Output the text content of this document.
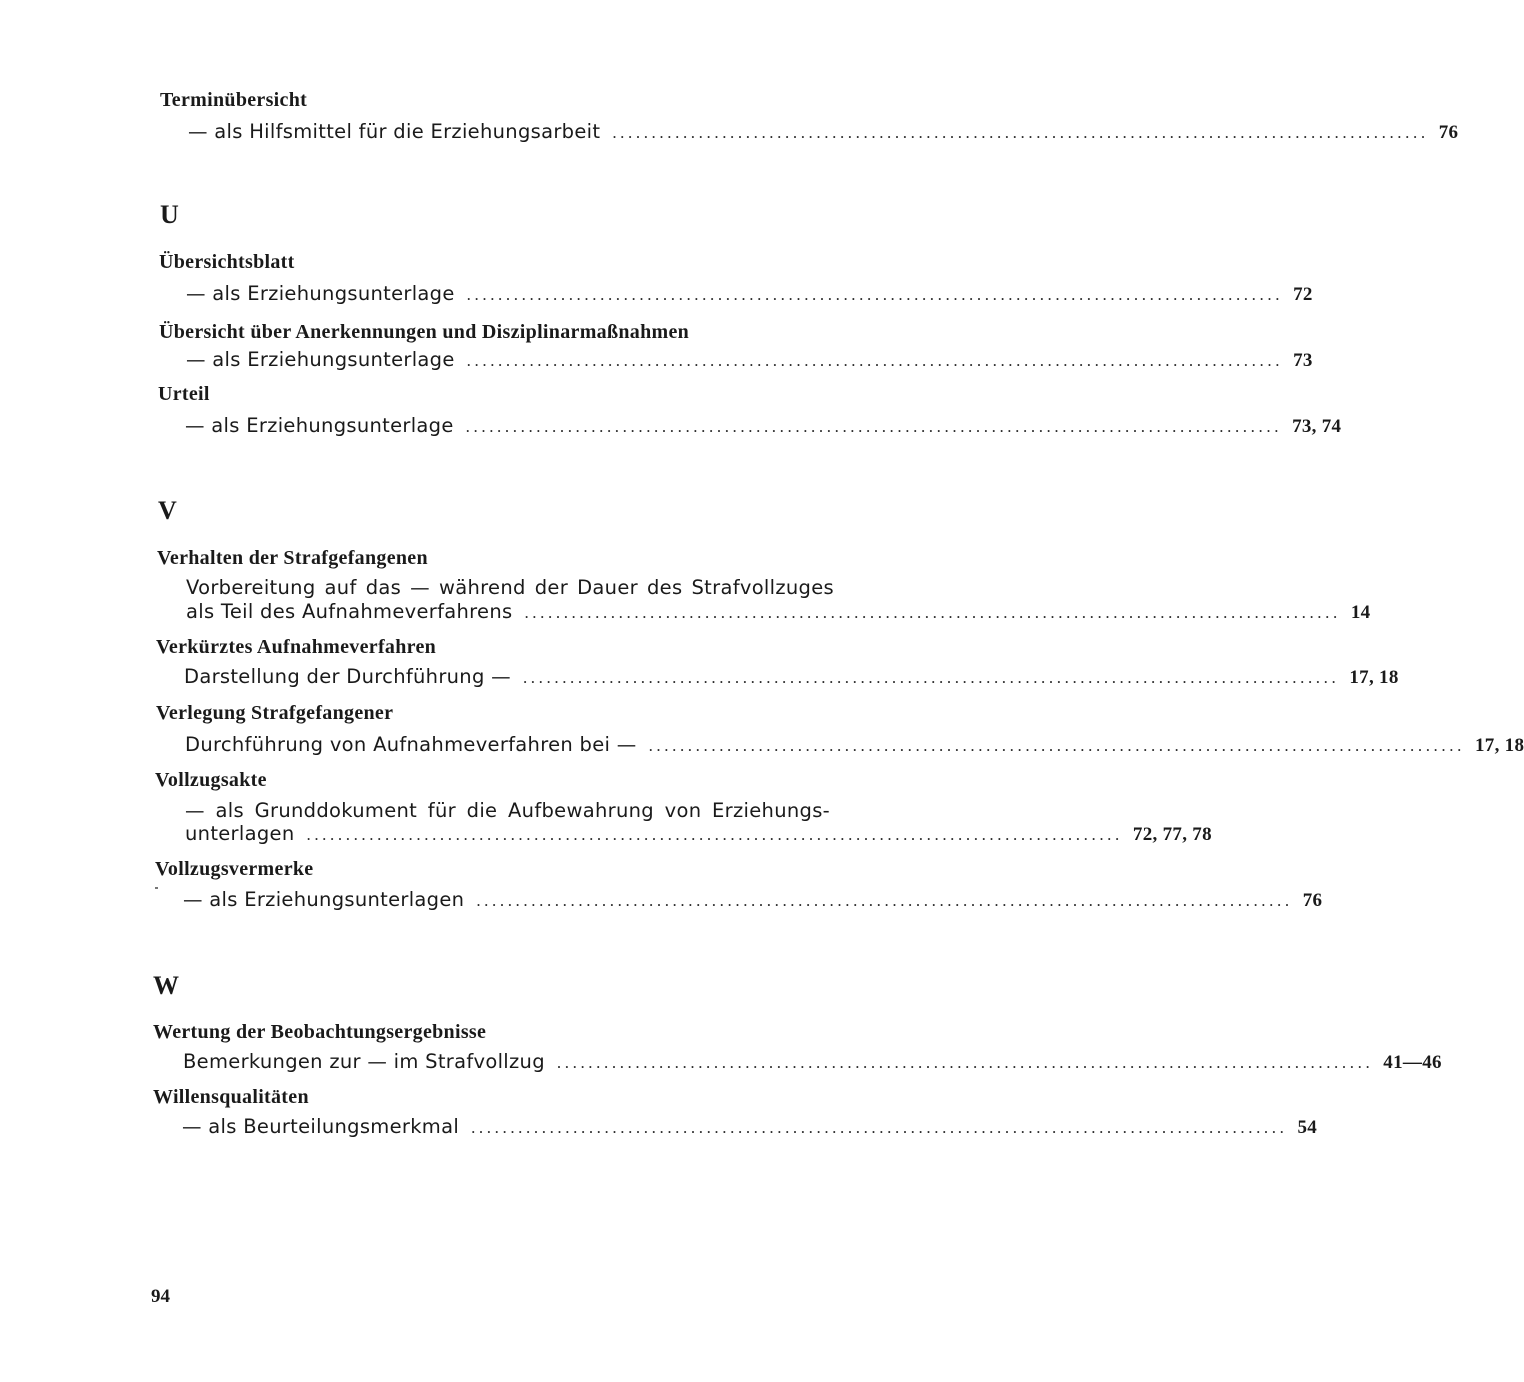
Terminübersicht
— als Hilfsmittel für die Erziehungsarbeit ........................................................................................................ 76
U
Übersichtsblatt
— als Erziehungsunterlage ........................................................................................................ 72
Übersicht über Anerkennungen und Disziplinarmaßnahmen
— als Erziehungsunterlage ........................................................................................................ 73
Urteil
— als Erziehungsunterlage ........................................................................................................ 73, 74
V
Verhalten der Strafgefangenen
Vorbereitung auf das — während der Dauer des Strafvollzuges
als Teil des Aufnahmeverfahrens ........................................................................................................ 14
Verkürztes Aufnahmeverfahren
Darstellung der Durchführung — ........................................................................................................ 17, 18
Verlegung Strafgefangener
Durchführung von Aufnahmeverfahren bei — ........................................................................................................ 17, 18
Vollzugsakte
— als Grunddokument für die Aufbewahrung von Erziehungs-
unterlagen ........................................................................................................ 72, 77, 78
Vollzugsvermerke
— als Erziehungsunterlagen ........................................................................................................ 76
W
Wertung der Beobachtungsergebnisse
Bemerkungen zur — im Strafvollzug ........................................................................................................ 41—46
Willensqualitäten
— als Beurteilungsmerkmal ........................................................................................................ 54
94
